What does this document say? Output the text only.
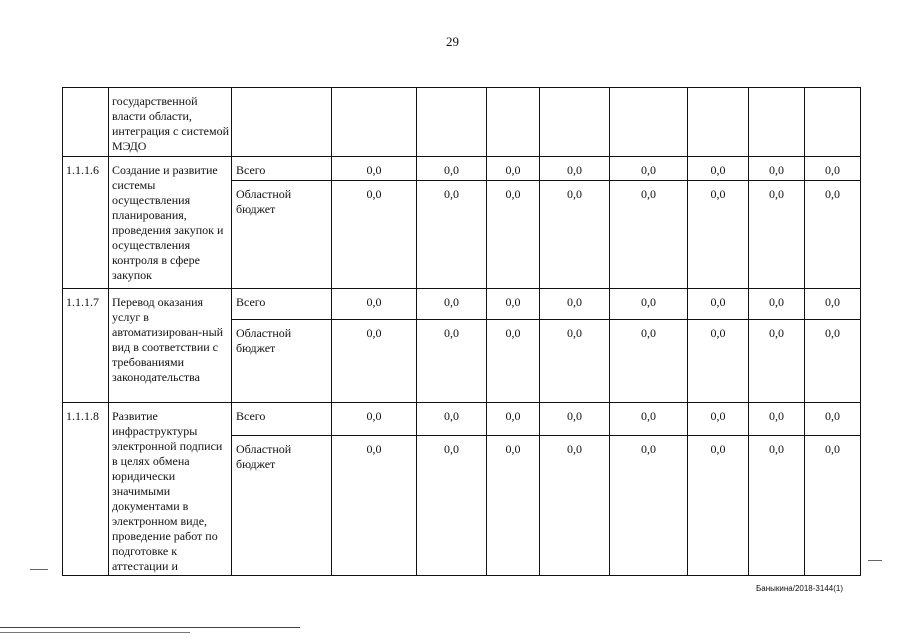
29
	государственной власти области, интеграция с системой МЭДО									
1.1.1.6	Создание и развитие системы осуществления планирования, проведения закупок и осуществления контроля в сфере закупок	Всего	0,0	0,0	0,0	0,0	0,0	0,0	0,0	0,0
		Областной бюджет	0,0	0,0	0,0	0,0	0,0	0,0	0,0	0,0
1.1.1.7	Перевод оказания услуг в автоматизирован-ный вид в соответствии с требованиями законодательства	Всего	0,0	0,0	0,0	0,0	0,0	0,0	0,0	0,0
		Областной бюджет	0,0	0,0	0,0	0,0	0,0	0,0	0,0	0,0
1.1.1.8	Развитие инфраструктуры электронной подписи в целях обмена юридически значимыми документами в электронном виде, проведение работ по подготовке к аттестации и	Всего	0,0	0,0	0,0	0,0	0,0	0,0	0,0	0,0
		Областной бюджет	0,0	0,0	0,0	0,0	0,0	0,0	0,0	0,0
Баныкина/2018-3144(1)
